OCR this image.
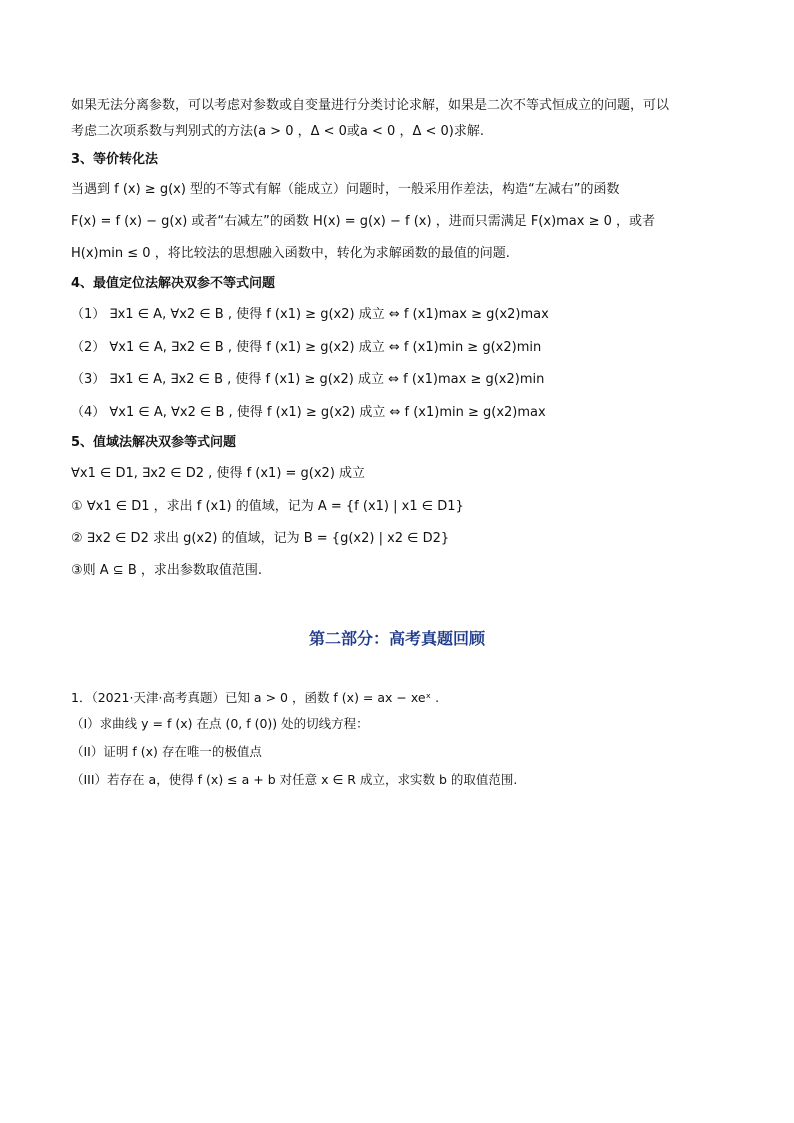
如果无法分离参数，可以考虑对参数或自变量进行分类讨论求解，如果是二次不等式恒成立的问题，可以
考虑二次项系数与判别式的方法(a > 0 ，Δ < 0或a < 0 ，Δ < 0)求解.
3、等价转化法
当遇到 f (x) ≥ g(x) 型的不等式有解（能成立）问题时，一般采用作差法，构造“左减右”的函数
F(x) = f (x) − g(x) 或者“右减左”的函数 H(x) = g(x) − f (x) ，进而只需满足 F(x)max ≥ 0 ，或者
H(x)min ≤ 0 ，将比较法的思想融入函数中，转化为求解函数的最值的问题.
4、最值定位法解决双参不等式问题
（1） ∃x1 ∈ A, ∀x2 ∈ B , 使得 f (x1) ≥ g(x2) 成立 ⇔ f (x1)max ≥ g(x2)max
（2） ∀x1 ∈ A, ∃x2 ∈ B , 使得 f (x1) ≥ g(x2) 成立 ⇔ f (x1)min ≥ g(x2)min
（3） ∃x1 ∈ A, ∃x2 ∈ B , 使得 f (x1) ≥ g(x2) 成立 ⇔ f (x1)max ≥ g(x2)min
（4） ∀x1 ∈ A, ∀x2 ∈ B , 使得 f (x1) ≥ g(x2) 成立 ⇔ f (x1)min ≥ g(x2)max
5、值域法解决双参等式问题
∀x1 ∈ D1, ∃x2 ∈ D2 , 使得 f (x1) = g(x2) 成立
① ∀x1 ∈ D1 ，求出 f (x1) 的值域，记为 A = {f (x1) | x1 ∈ D1}
② ∃x2 ∈ D2 求出 g(x2) 的值域，记为 B = {g(x2) | x2 ∈ D2}
③则 A ⊆ B ，求出参数取值范围.
第二部分：高考真题回顾
1．（2021·天津·高考真题）已知 a > 0 ，函数 f (x) = ax − xeˣ .
（I）求曲线 y = f (x) 在点 (0, f (0)) 处的切线方程：
（II）证明 f (x) 存在唯一的极值点
（III）若存在 a，使得 f (x) ≤ a + b 对任意 x ∈ R 成立，求实数 b 的取值范围.
